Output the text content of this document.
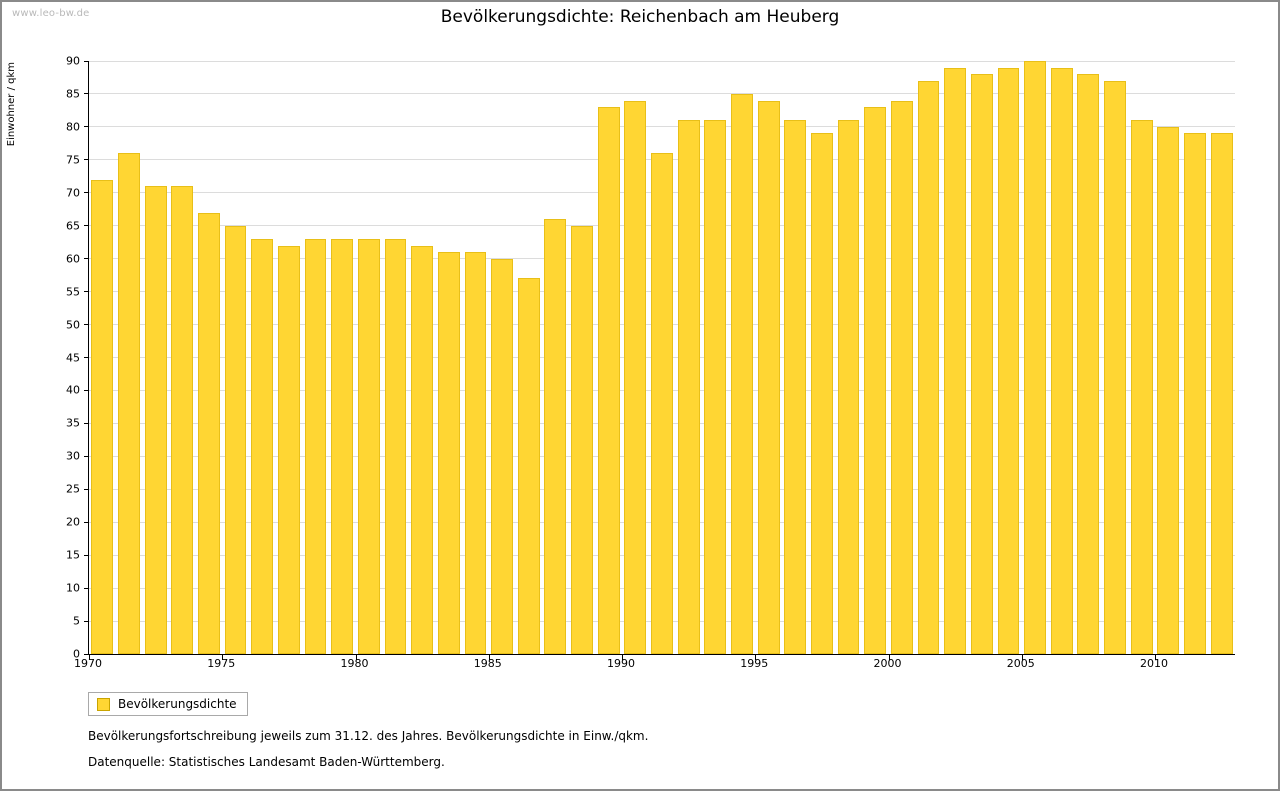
www.leo-bw.de	Bevölkerungsdichte: Reichenbach am Heuberg
Einwohner / qkm
0
5
10
15
20
25
30
35
40
45
50
55
60
65
70
75
80
85
90
1970	1975	1980	1985	1990	1995	2000	2005	2010
Bevölkerungsdichte
Bevölkerungsfortschreibung jeweils zum 31.12. des Jahres. Bevölkerungsdichte in Einw./qkm.
Datenquelle: Statistisches Landesamt Baden-Württemberg.
